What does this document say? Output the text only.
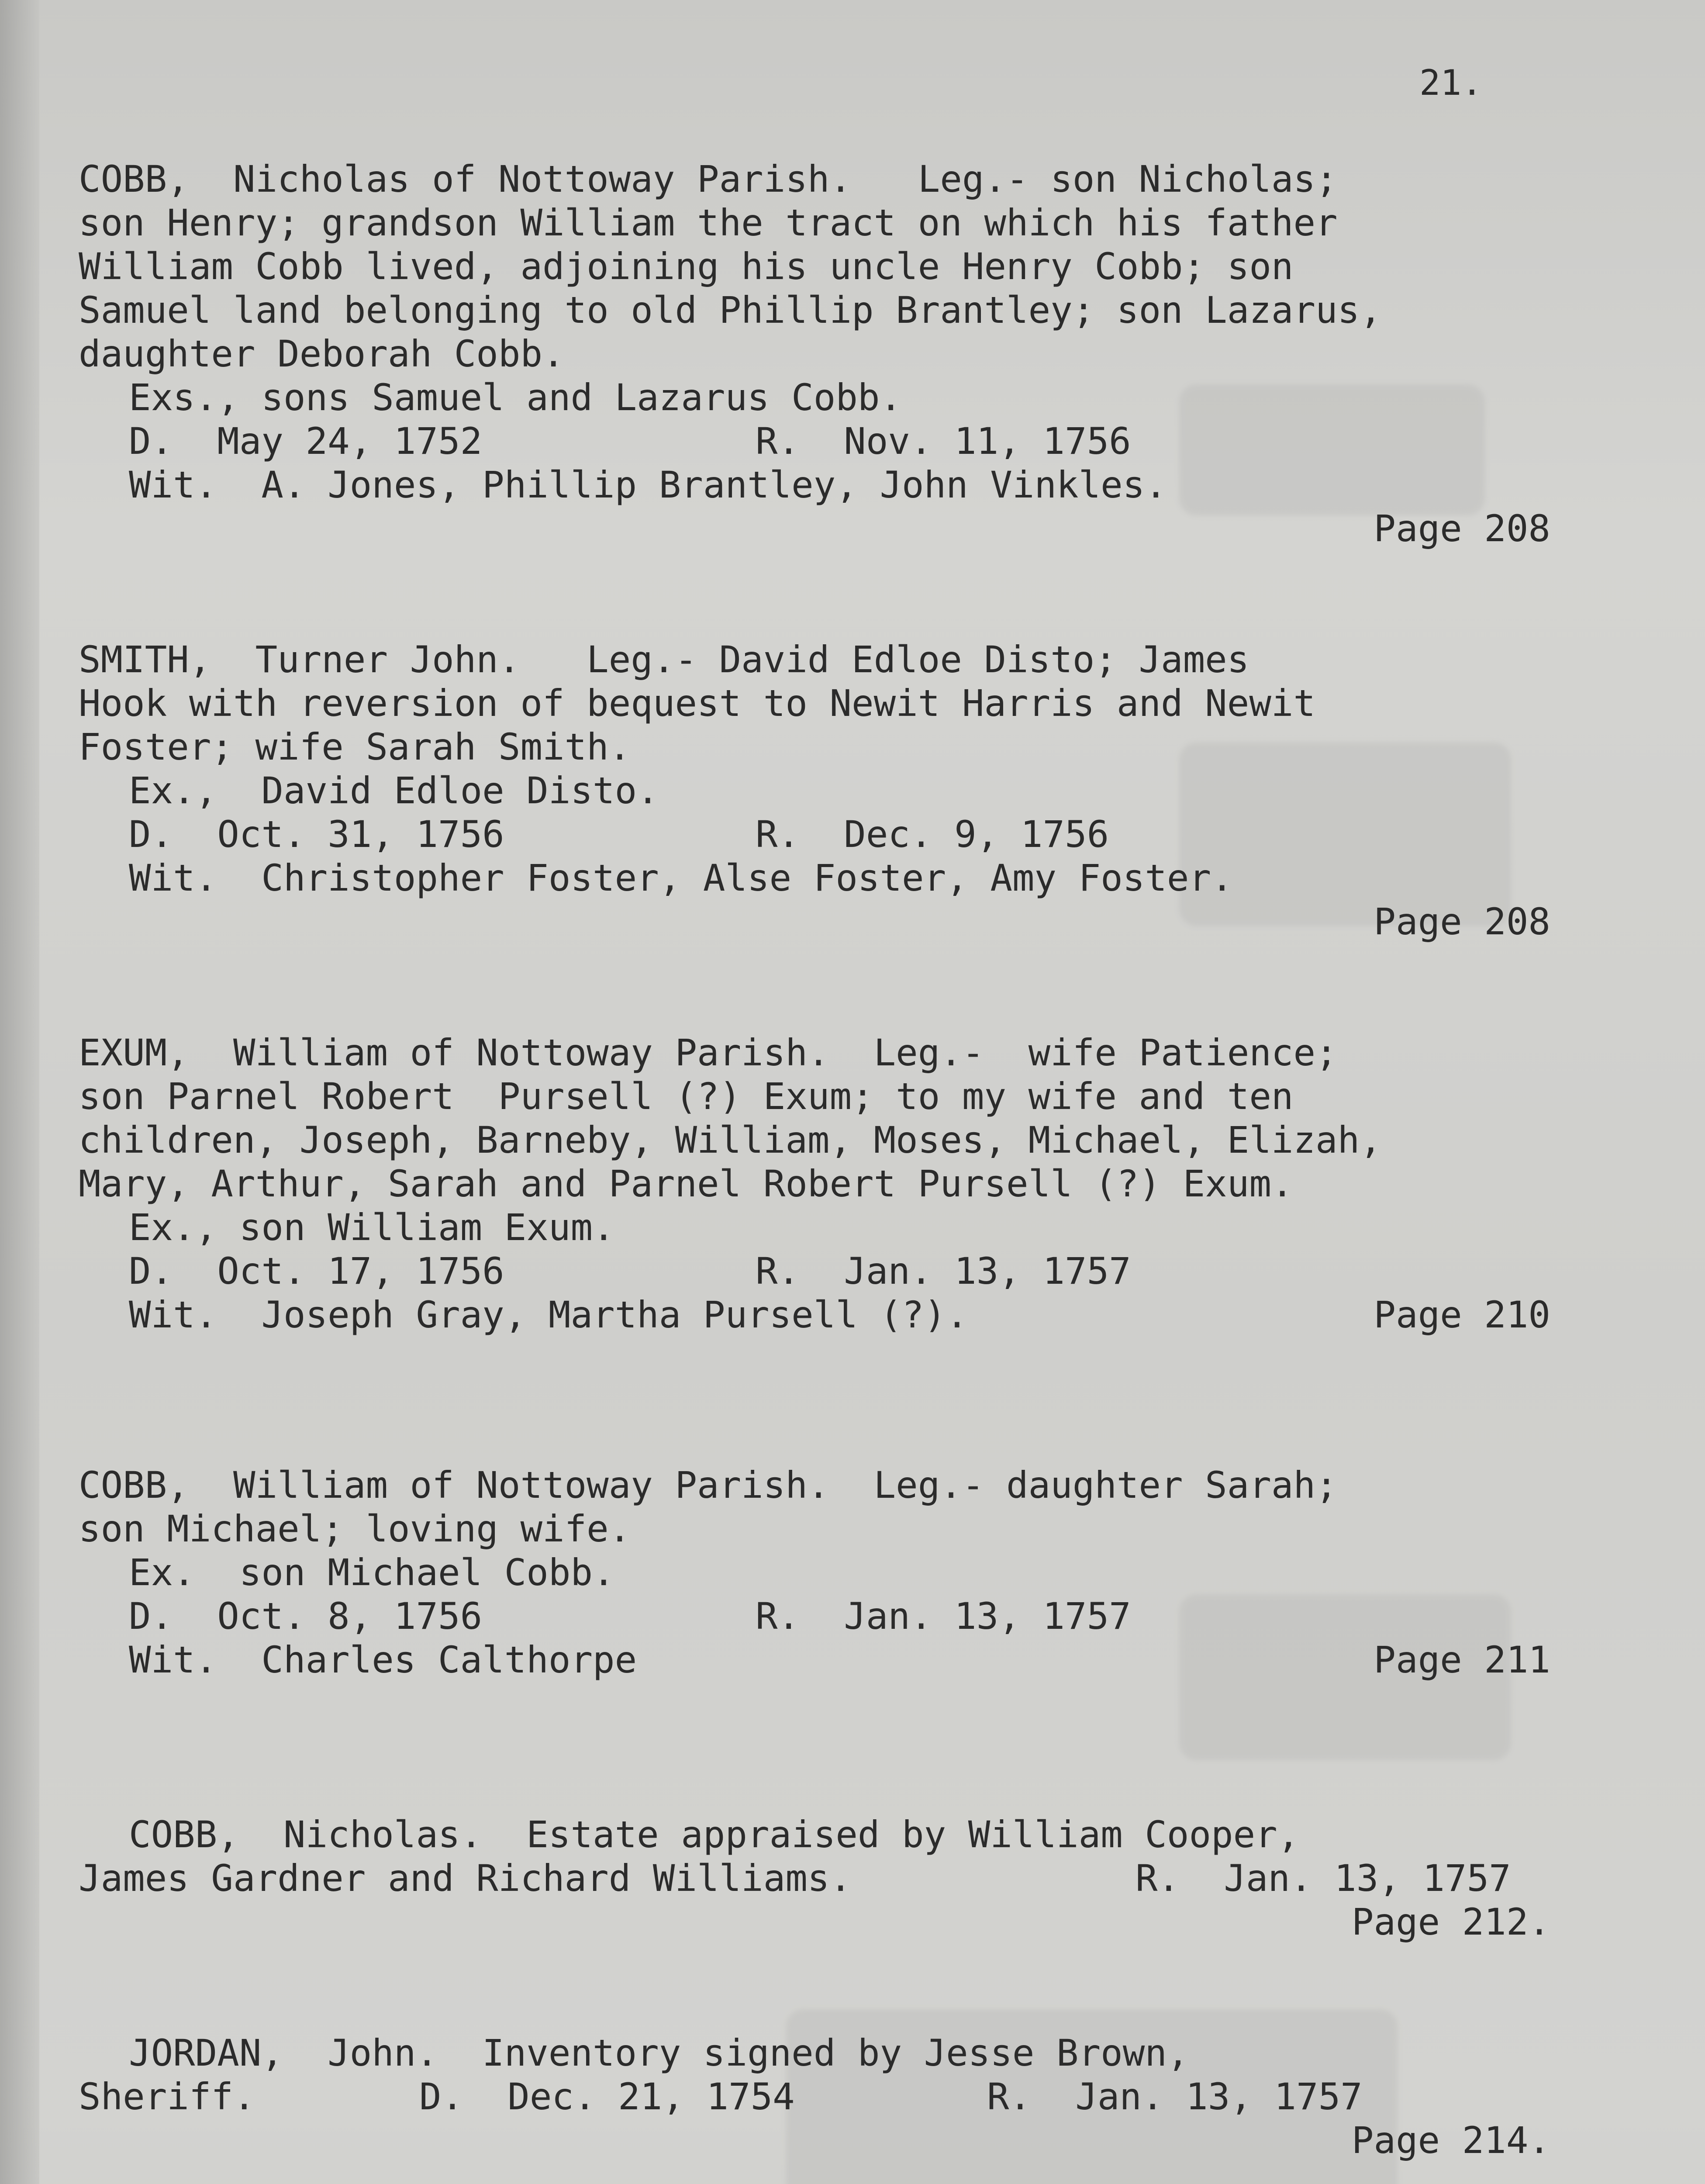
21.
COBB,  Nicholas of Nottoway Parish.   Leg.- son Nicholas;
son Henry; grandson William the tract on which his father
William Cobb lived, adjoining his uncle Henry Cobb; son
Samuel land belonging to old Phillip Brantley; son Lazarus,
daughter Deborah Cobb.
Exs., sons Samuel and Lazarus Cobb.

D.  May 24, 1752

	R.  Nov. 11, 1756

Wit.  A. Jones, Phillip Brantley, John Vinkles.
Page 208
SMITH,  Turner John.   Leg.- David Edloe Disto; James
Hook with reversion of bequest to Newit Harris and Newit
Foster; wife Sarah Smith.
Ex.,  David Edloe Disto.

D.  Oct. 31, 1756

	R.  Dec. 9, 1756

Wit.  Christopher Foster, Alse Foster, Amy Foster.
Page 208
EXUM,  William of Nottoway Parish.  Leg.-  wife Patience;
son Parnel Robert  Pursell (?) Exum; to my wife and ten
children, Joseph, Barneby, William, Moses, Michael, Elizah,
Mary, Arthur, Sarah and Parnel Robert Pursell (?) Exum.
Ex., son William Exum.

D.  Oct. 17, 1756

	R.  Jan. 13, 1757

Wit.  Joseph Gray, Martha Pursell (?).

	Page 210

COBB,  William of Nottoway Parish.  Leg.- daughter Sarah;
son Michael; loving wife.
Ex.  son Michael Cobb.

D.  Oct. 8, 1756

	R.  Jan. 13, 1757

Wit.  Charles Calthorpe

	Page 211

COBB,  Nicholas.  Estate appraised by William Cooper,

James Gardner and Richard Williams.

	R.  Jan. 13, 1757

Page 212.
JORDAN,  John.  Inventory signed by Jesse Brown,

Sheriff.

	D.  Dec. 21, 1754

	R.  Jan. 13, 1757

Page 214.
